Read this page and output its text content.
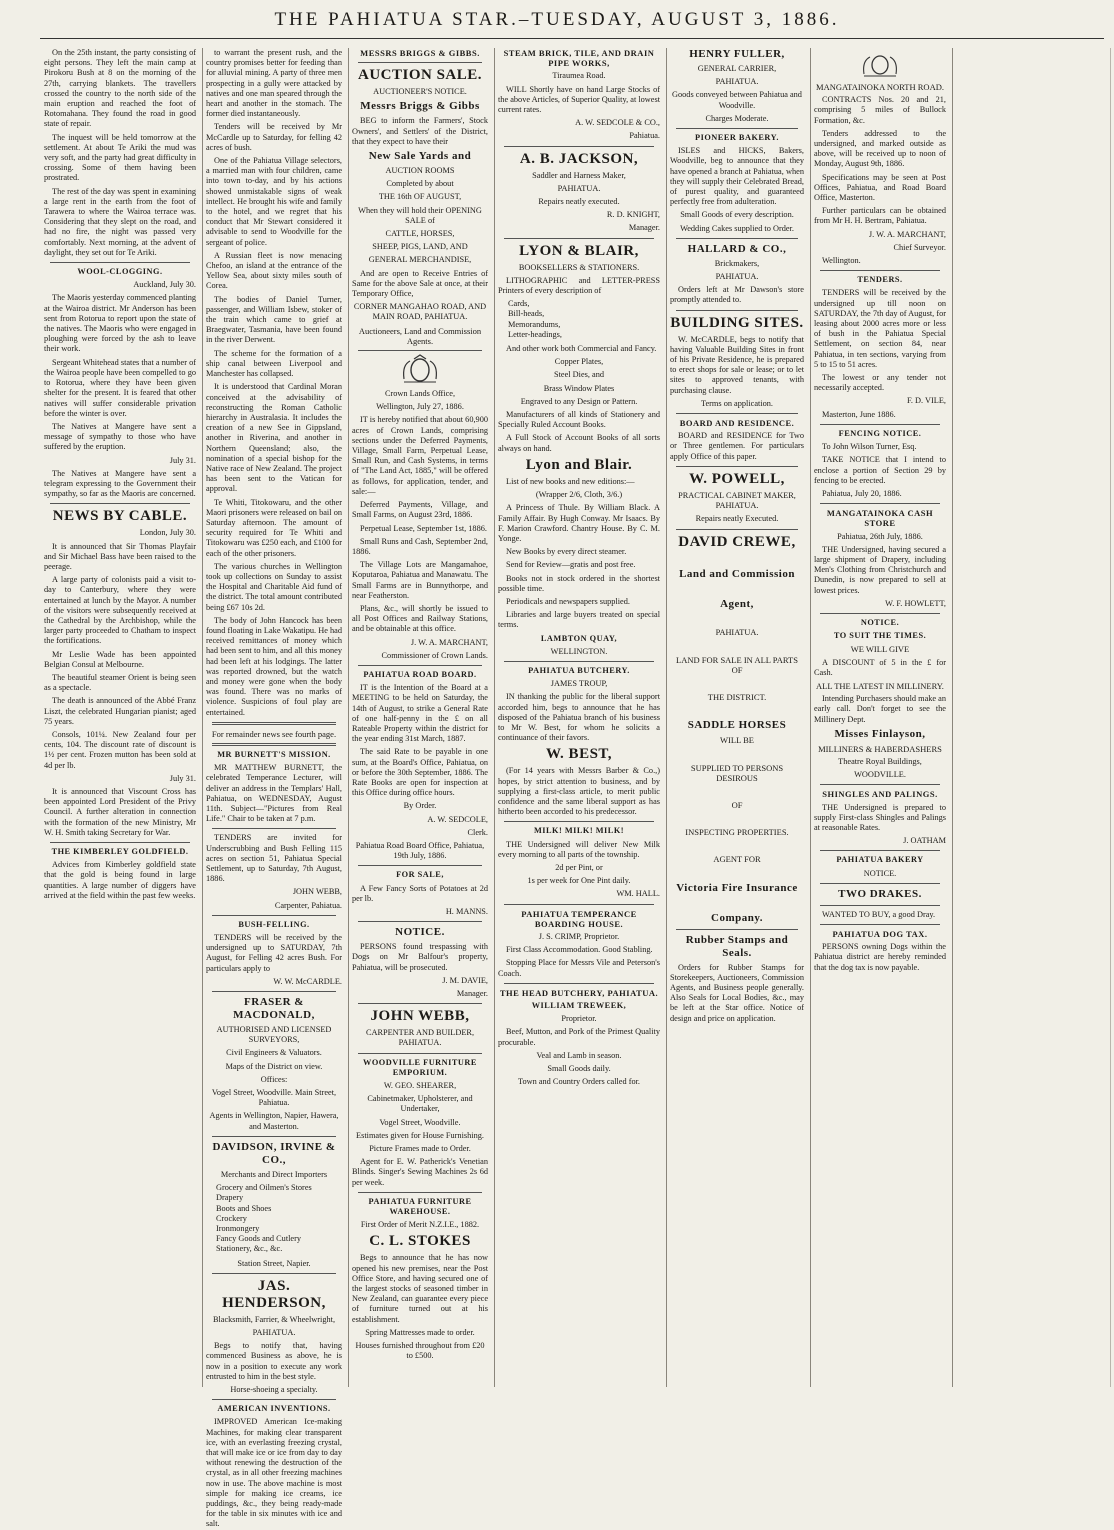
THE PAHIATUA STAR.–TUESDAY, AUGUST 3, 1886.

On the 25th instant, the party consisting of eight persons. They left the main camp at Pirokoru Bush at 8 on the morning of the 27th, carrying blankets. The travellers crossed the country to the north side of the main eruption and reached the foot of Rotomahana. They found the road in good state of repair.

The inquest will be held tomorrow at the settlement. At about Te Ariki the mud was very soft, and the party had great difficulty in crossing. Some of them having been prostrated.

The rest of the day was spent in examining a large rent in the earth from the foot of Tarawera to where the Wairoa terrace was. Considering that they slept on the road, and had no fire, the night was passed very comfortably. Next morning, at the advent of daylight, they set out for Te Ariki.

WOOL-CLOGGING.

Auckland, July 30.

The Maoris yesterday commenced planting at the Wairoa district. Mr Anderson has been sent from Rotorua to report upon the state of the natives. The Maoris who were engaged in ploughing were forced by the ash to leave their work.

Sergeant Whitehead states that a number of the Wairoa people have been compelled to go to Rotorua, where they have been given shelter for the present. It is feared that other natives will suffer considerable privation before the winter is over.

The Natives at Mangere have sent a message of sympathy to those who have suffered by the eruption.

July 31.

The Natives at Mangere have sent a telegram expressing to the Government their sympathy, so far as the Maoris are concerned.

NEWS BY CABLE.

London, July 30.

It is announced that Sir Thomas Playfair and Sir Michael Bass have been raised to the peerage.

A large party of colonists paid a visit to-day to Canterbury, where they were entertained at lunch by the Mayor. A number of the visitors were subsequently received at the Cathedral by the Archbishop, while the larger party proceeded to Chatham to inspect the fortifications.

Mr Leslie Wade has been appointed Belgian Consul at Melbourne.

The beautiful steamer Orient is being seen as a spectacle.

The death is announced of the Abbé Franz Liszt, the celebrated Hungarian pianist; aged 75 years.

Consols, 101¼. New Zealand four per cents, 104. The discount rate of discount is 1½ per cent. Frozen mutton has been sold at 4d per lb.

July 31.

It is announced that Viscount Cross has been appointed Lord President of the Privy Council. A further alteration in connection with the formation of the new Ministry, Mr W. H. Smith taking Secretary for War.

THE KIMBERLEY GOLDFIELD.

Advices from Kimberley goldfield state that the gold is being found in large quantities. A large number of diggers have arrived at the field within the past few weeks.

to warrant the present rush, and the country promises better for feeding than for alluvial mining. A party of three men prospecting in a gully were attacked by natives and one man speared through the heart and another in the stomach. The former died instantaneously.

Tenders will be received by Mr McCardle up to Saturday, for felling 42 acres of bush.

One of the Pahiatua Village selectors, a married man with four children, came into town to-day, and by his actions showed unmistakable signs of weak intellect. He brought his wife and family to the hotel, and we regret that his conduct that Mr Stewart considered it advisable to send to Woodville for the sergeant of police.

A Russian fleet is now menacing Chefoo, an island at the entrance of the Yellow Sea, about sixty miles south of Corea.

The bodies of Daniel Turner, passenger, and William Isbew, stoker of the train which came to grief at Braegwater, Tasmania, have been found in the river Derwent.

The scheme for the formation of a ship canal between Liverpool and Manchester has collapsed.

It is understood that Cardinal Moran conceived at the advisability of reconstructing the Roman Catholic hierarchy in Australasia. It includes the creation of a new See in Gippsland, another in Riverina, and another in Northern Queensland; also, the nomination of a special bishop for the Native race of New Zealand. The project has been sent to the Vatican for approval.

Te Whiti, Titokowaru, and the other Maori prisoners were released on bail on Saturday afternoon. The amount of security required for Te Whiti and Titokowaru was £250 each, and £100 for each of the other prisoners.

The various churches in Wellington took up collections on Sunday to assist the Hospital and Charitable Aid fund of the district. The total amount contributed being £67 10s 2d.

The body of John Hancock has been found floating in Lake Wakatipu. He had received remittances of money which had been sent to him, and all this money had been left at his lodgings. The latter was reported drowned, but the watch and money were gone when the body was found. There was no marks of violence. Suspicions of foul play are entertained.

For remainder news see fourth page.

MR BURNETT'S MISSION.

MR MATTHEW BURNETT, the celebrated Temperance Lecturer, will deliver an address in the Templars' Hall, Pahiatua, on WEDNESDAY, August 11th. Subject—"Pictures from Real Life." Chair to be taken at 7 p.m.

TENDERS are invited for Underscrubbing and Bush Felling 115 acres on section 51, Pahiatua Special Settlement, up to Saturday, 7th August, 1886.

JOHN WEBB,

Carpenter, Pahiatua.

BUSH-FELLING.

TENDERS will be received by the undersigned up to SATURDAY, 7th August, for Felling 42 acres Bush. For particulars apply to

W. W. McCARDLE.

FRASER & MACDONALD,

AUTHORISED AND LICENSED SURVEYORS,

Civil Engineers & Valuators.

Maps of the District on view.

Offices:

Vogel Street, Woodville. Main Street, Pahiatua.

Agents in Wellington, Napier, Hawera, and Masterton.

DAVIDSON, IRVINE & CO.,

Merchants and Direct Importers

Grocery and Oilmen's Stores
Drapery
Boots and Shoes
Crockery
Ironmongery
Fancy Goods and Cutlery
Stationery, &c., &c.

Station Street, Napier.

JAS. HENDERSON,

Blacksmith, Farrier, & Wheelwright,

PAHIATUA.

Begs to notify that, having commenced Business as above, he is now in a position to execute any work entrusted to him in the best style.

Horse-shoeing a specialty.

AMERICAN INVENTIONS.

IMPROVED American Ice-making Machines, for making clear transparent ice, with an everlasting freezing crystal, that will make ice or ice from day to day without renewing the destruction of the crystal, as in all other freezing machines now in use. The above machine is most simple for making ice creams, ice puddings, &c., they being ready-made for the table in six minutes with ice and salt.

MESSRS BRIGGS & GIBBS.

AUCTION SALE.

AUCTIONEER'S NOTICE.

Messrs Briggs & Gibbs

BEG to inform the Farmers', Stock Owners', and Settlers' of the District, that they expect to have their

New Sale Yards and

AUCTION ROOMS

Completed by about

THE 16th OF AUGUST,

When they will hold their OPENING SALE of

CATTLE, HORSES,

SHEEP, PIGS, LAND, AND

GENERAL MERCHANDISE,

And are open to Receive Entries of Same for the above Sale at once, at their Temporary Office,

CORNER MANGAHAO ROAD, AND MAIN ROAD, PAHIATUA.

Auctioneers, Land and Commission Agents.

Crown Lands Office,

Wellington, July 27, 1886.

IT is hereby notified that about 60,900 acres of Crown Lands, comprising sections under the Deferred Payments, Village, Small Farm, Perpetual Lease, Small Run, and Cash Systems, in terms of "The Land Act, 1885," will be offered as follows, for application, tender, and sale:—

Deferred Payments, Village, and Small Farms, on August 23rd, 1886.

Perpetual Lease, September 1st, 1886.

Small Runs and Cash, September 2nd, 1886.

The Village Lots are Mangamahoe, Koputaroa, Pahiatua and Manawatu. The Small Farms are in Bunnythorpe, and near Featherston.

Plans, &c., will shortly be issued to all Post Offices and Railway Stations, and be obtainable at this office.

J. W. A. MARCHANT,

Commissioner of Crown Lands.

PAHIATUA ROAD BOARD.

IT is the Intention of the Board at a MEETING to be held on Saturday, the 14th of August, to strike a General Rate of one half-penny in the £ on all Rateable Property within the district for the year ending 31st March, 1887.

The said Rate to be payable in one sum, at the Board's Office, Pahiatua, on or before the 30th September, 1886. The Rate Books are open for inspection at this Office during office hours.

By Order.

A. W. SEDCOLE,

Clerk.

Pahiatua Road Board Office, Pahiatua, 19th July, 1886.

FOR SALE,

A Few Fancy Sorts of Potatoes at 2d per lb.

H. MANNS.

NOTICE.

PERSONS found trespassing with Dogs on Mr Balfour's property, Pahiatua, will be prosecuted.

J. M. DAVIE,

Manager.

JOHN WEBB,

CARPENTER AND BUILDER, PAHIATUA.

WOODVILLE FURNITURE EMPORIUM.

W. GEO. SHEARER,

Cabinetmaker, Upholsterer, and Undertaker,

Vogel Street, Woodville.

Estimates given for House Furnishing.

Picture Frames made to Order.

Agent for E. W. Patherick's Venetian Blinds. Singer's Sewing Machines 2s 6d per week.

PAHIATUA FURNITURE WAREHOUSE.

First Order of Merit N.Z.I.E., 1882.

C. L. STOKES

Begs to announce that he has now opened his new premises, near the Post Office Store, and having secured one of the largest stocks of seasoned timber in New Zealand, can guarantee every piece of furniture turned out at his establishment.

Spring Mattresses made to order.

Houses furnished throughout from £20 to £500.

STEAM BRICK, TILE, AND DRAIN PIPE WORKS,

Tiraumea Road.

WILL Shortly have on hand Large Stocks of the above Articles, of Superior Quality, at lowest current rates.

A. W. SEDCOLE & CO.,

Pahiatua.

A. B. JACKSON,

Saddler and Harness Maker,

PAHIATUA.

Repairs neatly executed.

R. D. KNIGHT,

Manager.

LYON & BLAIR,

BOOKSELLERS & STATIONERS.

LITHOGRAPHIC and LETTER-PRESS Printers of every description of

Cards,
Bill-heads,
Memorandums,
Letter-headings,

And other work both Commercial and Fancy.

Copper Plates,

Steel Dies, and

Brass Window Plates

Engraved to any Design or Pattern.

Manufacturers of all kinds of Stationery and Specially Ruled Account Books.

A Full Stock of Account Books of all sorts always on hand.

Lyon and Blair.

List of new books and new editions:—

(Wrapper 2/6, Cloth, 3/6.)

A Princess of Thule. By William Black. A Family Affair. By Hugh Conway. Mr Isaacs. By F. Marion Crawford. Chantry House. By C. M. Yonge.

New Books by every direct steamer.

Send for Review—gratis and post free.

Books not in stock ordered in the shortest possible time.

Periodicals and newspapers supplied.

Libraries and large buyers treated on special terms.

LAMBTON QUAY,

WELLINGTON.

PAHIATUA BUTCHERY.

JAMES TROUP,

IN thanking the public for the liberal support accorded him, begs to announce that he has disposed of the Pahiatua branch of his business to Mr W. Best, for whom he solicits a continuance of their favors.

W. BEST,

(For 14 years with Messrs Barber & Co.,) hopes, by strict attention to business, and by supplying a first-class article, to merit public confidence and the same liberal support as has hitherto been accorded to his predecessor.

MILK! MILK! MILK!

THE Undersigned will deliver New Milk every morning to all parts of the township.

2d per Pint, or

1s per week for One Pint daily.

WM. HALL.

PAHIATUA TEMPERANCE BOARDING HOUSE.

J. S. CRIMP, Proprietor.

First Class Accommodation. Good Stabling.

Stopping Place for Messrs Vile and Peterson's Coach.

THE HEAD BUTCHERY, PAHIATUA.

WILLIAM TREWEEK,

Proprietor.

Beef, Mutton, and Pork of the Primest Quality procurable.

Veal and Lamb in season.

Small Goods daily.

Town and Country Orders called for.

HENRY FULLER,

GENERAL CARRIER,

PAHIATUA.

Goods conveyed between Pahiatua and Woodville.

Charges Moderate.

PIONEER BAKERY.

ISLES and HICKS, Bakers, Woodville, beg to announce that they have opened a branch at Pahiatua, when they will supply their Celebrated Bread, of purest quality, and guaranteed perfectly free from adulteration.

Small Goods of every description.

Wedding Cakes supplied to Order.

HALLARD & CO.,

Brickmakers,

PAHIATUA.

Orders left at Mr Dawson's store promptly attended to.

BUILDING SITES.

W. McCARDLE, begs to notify that having Valuable Building Sites in front of his Private Residence, he is prepared to erect shops for sale or lease; or to let sites to approved tenants, with purchasing clause.

Terms on application.

BOARD AND RESIDENCE.

BOARD and RESIDENCE for Two or Three gentlemen. For particulars apply Office of this paper.

W. POWELL,

PRACTICAL CABINET MAKER, PAHIATUA.

Repairs neatly Executed.

DAVID CREWE,

Land and Commission

Agent,

PAHIATUA.

LAND FOR SALE IN ALL PARTS OF

THE DISTRICT.

SADDLE HORSES

WILL BE

SUPPLIED TO PERSONS DESIROUS

OF

INSPECTING PROPERTIES.

AGENT FOR

Victoria Fire Insurance

Company.

Rubber Stamps and Seals.

Orders for Rubber Stamps for Storekeepers, Auctioneers, Commission Agents, and Business people generally. Also Seals for Local Bodies, &c., may be left at the Star office. Notice of design and price on application.

MANGATAINOKA NORTH ROAD.

CONTRACTS Nos. 20 and 21, comprising 5 miles of Bullock Formation, &c.

Tenders addressed to the undersigned, and marked outside as above, will be received up to noon of Monday, August 9th, 1886.

Specifications may be seen at Post Offices, Pahiatua, and Road Board Office, Masterton.

Further particulars can be obtained from Mr H. H. Bertram, Pahiatua.

J. W. A. MARCHANT,

Chief Surveyor.

Wellington.

TENDERS.

TENDERS will be received by the undersigned up till noon on SATURDAY, the 7th day of August, for leasing about 2000 acres more or less of bush in the Pahiatua Special Settlement, on section 84, near Pahiatua, in ten sections, varying from 5 to 15 to 51 acres.

The lowest or any tender not necessarily accepted.

F. D. VILE,

Masterton, June 1886.

FENCING NOTICE.

To John Wilson Turner, Esq.

TAKE NOTICE that I intend to enclose a portion of Section 29 by fencing to be erected.

Pahiatua, July 20, 1886.

MANGATAINOKA CASH STORE

Pahiatua, 26th July, 1886.

THE Undersigned, having secured a large shipment of Drapery, including Men's Clothing from Christchurch and Dunedin, is now prepared to sell at lowest prices.

W. F. HOWLETT,

NOTICE.

TO SUIT THE TIMES.

WE WILL GIVE

A DISCOUNT of 5 in the £ for Cash.

ALL THE LATEST IN MILLINERY.

Intending Purchasers should make an early call. Don't forget to see the Millinery Dept.

Misses Finlayson,

MILLINERS & HABERDASHERS

Theatre Royal Buildings,

WOODVILLE.

SHINGLES AND PALINGS.

THE Undersigned is prepared to supply First-class Shingles and Palings at reasonable Rates.

J. OATHAM

PAHIATUA BAKERY

NOTICE.

TWO DRAKES.

WANTED TO BUY, a good Dray.

PAHIATUA DOG TAX.

PERSONS owning Dogs within the Pahiatua district are hereby reminded that the dog tax is now payable.
